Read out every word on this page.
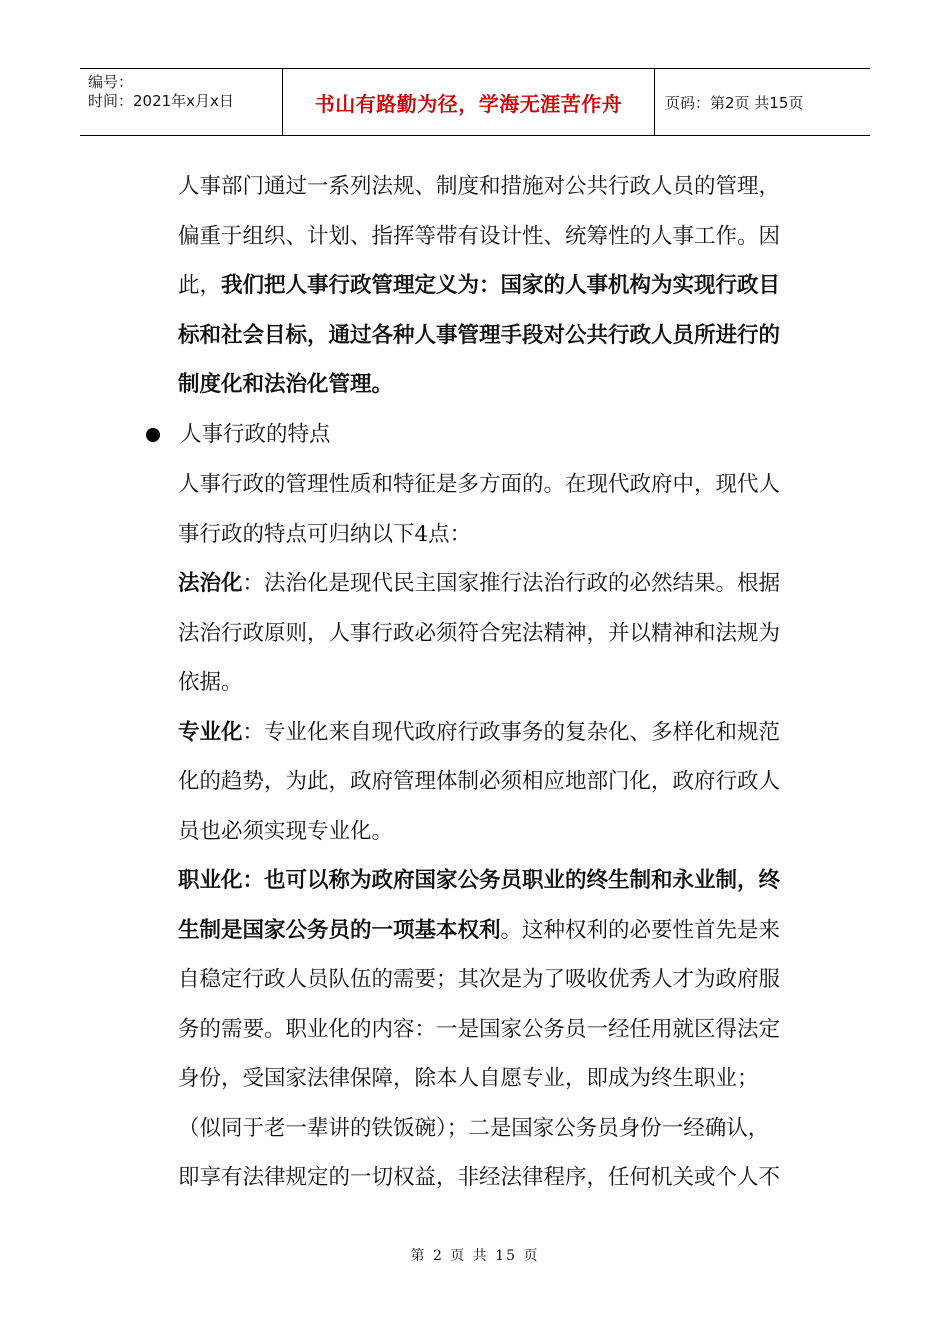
编号：
时间：2021年x月x日	书山有路勤为径，学海无涯苦作舟	页码：第2页 共15页
人事部门通过一系列法规、制度和措施对公共行政人员的管理，
偏重于组织、计划、指挥等带有设计性、统筹性的人事工作。因
此，我们把人事行政管理定义为：国家的人事机构为实现行政目
标和社会目标，通过各种人事管理手段对公共行政人员所进行的
制度化和法治化管理。
人事行政的特点
人事行政的管理性质和特征是多方面的。在现代政府中，现代人
事行政的特点可归纳以下4点：
法治化：法治化是现代民主国家推行法治行政的必然结果。根据
法治行政原则，人事行政必须符合宪法精神，并以精神和法规为
依据。
专业化：专业化来自现代政府行政事务的复杂化、多样化和规范
化的趋势，为此，政府管理体制必须相应地部门化，政府行政人
员也必须实现专业化。
职业化：也可以称为政府国家公务员职业的终生制和永业制，终
生制是国家公务员的一项基本权利。这种权利的必要性首先是来
自稳定行政人员队伍的需要；其次是为了吸收优秀人才为政府服
务的需要。职业化的内容：一是国家公务员一经任用就区得法定
身份，受国家法律保障，除本人自愿专业，即成为终生职业；
（似同于老一辈讲的铁饭碗）；二是国家公务员身份一经确认，
即享有法律规定的一切权益，非经法律程序，任何机关或个人不
第 2 页 共 15 页
